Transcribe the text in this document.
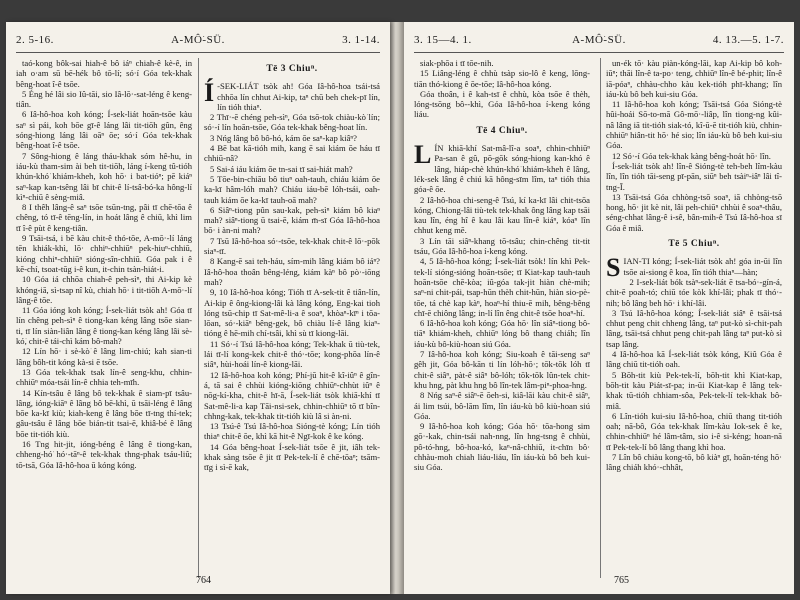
2. 5-16.	A-MÔ͘-SÜ.	3. 1-14.

taó-kong bôk-sai hiah-ê bô iáⁿ chiah-ê kè-ê, in iah o·am sū bē-hék bô tō-lí; só·í Góa tek-khak bêng-hoat î-ê tsōe.

5 Éng hé lâi sio Iû-tāi, sio Iâ-lō·-sat-léng ê keng-tiân.

6 Iâ-hô-hoa koh kóng; Í-sek-liát hoān-tsōe kàu saⁿ sì pái, koh bōe gī-ê láng lâi tit-tiōh gûn, êng sóng-hiong láng lâi oāⁿ ōe; só·í Góa tek-khak bêng-hoat î-ê tsōe.

7 Sông-hiong ê láng tháu-khak sóm hê-hu, in iáu-kù tham-sim ài beh tit-tiōh, láng í-keng tû-tióh khún-khó͘ khiám-kheh, koh hō· i bat-tióⁿ; pē kiáⁿ saⁿ-kap kan-tsêng lâi bī chit-ê lí-tsâ-bó-ka hông-lí kìⁿ-chiū ê sèng-miâ.

8 I thêh lâng-ê saⁿ tsōe tsūn-tng, pâi tī chē-tōa ê chêng, tó tī-ê tēng-lín, in hoát lâng ê chiū, khì lim tī î-ê pùt ê keng-tiân.

9 Tsāi-tsá, i bē kàu chit-ê thó-tōe, A-mō·-lí láng tēn khiák-khì, lō· chhiⁿ-chhiūⁿ pek-hiuⁿ-chhiū, kióng chhiⁿ-chhiūⁿ sióng-sîn-chhiū. Góa pak i ê kē-chí, tsoat-tūg i-ê kun, it-chin tsàn-hiát-i.

10 Góa iá chhōa chiah-ê peh-sìⁿ, thi Ai-kip kè khóng-iā, sì-tsap nî kù, chiah hō· i tit-tiōh A-mō·-lí lâng-ê tōe.

11 Góa ióng koh kóng; Í-sek-liát tsòk ah! Góa tī lín chêng peh-sìⁿ ê tiong-kan kéng lâng tsōe sian-ti, tī lín siàn-liân lâng ê tiong-kan kéng lâng lâi sè-kó͘, chit-ê tái-chì kám bô-mah?

12 Lín hō· i sè-kò͘ ê lâng lim-chiú; kah sian-ti lâng bôh-tit kóng kà-si ē tsōe.

13 Góa tek-khak tsak lín-ê seng-khu, chhin-chhiūⁿ móa-tsái lín-ê chhia teh-mīh.

14 Kín-tsâu ê lâng bô tek-khak ê siam-pī tsâu-lâng, ióng-kiāⁿ ê lâng bô bē-khì, ū tsāi-léng ê lâng bōe ka-kī kiù; kiah-keng ê lâng bōe tī-tng thí-tek; gâu-tsâu ê lâng bōe bián-tit tsai-ē, khiâ-bé ê lâng bōe tit-tióh kiù.

16 Tng hit-jit, ióng-béng ê lâng ê tiong-kan, chheng-hó͘ hó·-tāⁿ-ê tek-khak thng-phak tsáu-liû; tō-tsā, Góa Iâ-hô-hoa ū kóng kóng.

Tē 3 Chiuⁿ.

Í -SEK-LIÁT tsòk ah! Góa Iâ-hô-hoa tsái-tsá chhōa lín chhut Ai-kip, taⁿ chū beh chek-pī lín, lín tióh thiaⁿ.

2 Thī·-ē chéng peh-sìⁿ, Góa tsō-tok chiàu-kò͘ lín; só·-í lín hoān-tsōe, Góa tek-khak bêng-hoat lín.

3 Nńg lâng bô bô-hó, kám ōe saⁿ-kap kiâⁿ?

4 Bē bat kā-tióh mih, kang ē sai kiám ōe háu tī chhiū-nâ?

5 Sai-á iáu kiám ōe tn-sai tī sai-hiát mah?

5 Tōe-bin-chiāu bô tiuⁿ oah-tauh, chiáu kiám ōe ka-kī hâm-lóh mah? Chiáu iáu-bē lóh-tsái, oah-tauh kiám ōe ka-kī tauh-oā mah?

6 Siâⁿ-tiong pûn sau-kak, peh-sìⁿ kiám bô kiaⁿ mah? siâⁿ-tiong ū tsai-ē, kiám m̄-sī Góa Iâ-hô-hoa bō· i àn-ni mah?

7 Tsū Iâ-hô-hoa só·-tsōe, tek-khak chit-ê lō·-pōk siaⁿ-tī.

8 Kang-ē sai teh-háu, sím-mih lâng kiám bô iáⁿ? Iâ-hô-hoa thoân bêng-léng, kiám kàⁿ bô pò·-iōng mah?

9, 10 Iâ-hô-hoa kóng; Tióh tī A-sek-tit ê tiân-lín, Ai-kip ê ông-kiong-lâi kà lâng kóng, Eng-kai tioh lóng tsū-chip tī Sat-mê-li-a ê soaⁿ, khòaⁿ-kīⁿ i tōa-lōan, só·-kiāⁿ bêng-gek, bô chiàu lí-ê lâng kiaⁿ-tióng ê hē-mih chí-tsâi, khì sù tī kiong-lāi.

11 Só·-í Tsú Iâ-hô-hoa kóng; Tek-khak ū tiù-tek, lái tī-lí kong-kek chit-ê thó·-tōe; kong-phōa lín-ê siâⁿ, hùi-hoái lín-ê kiong-lāi.

12 Iâ-hô-hoa koh kóng; Phí-jū hit-ê kî-iûⁿ ê gîn-á, tā sai ê chhùi kióng-kiōng chhiūⁿ-chhùt iûⁿ ê nōg-kí-kha, chit-ê hī-ā, Í-sek-liát tsòk khiā-khí tī Sat-mê-li-a kap Tāi-nsi-sek, chhin-chhiūⁿ tō tī bîn-chhng-kak, tek-khak tit-tióh kiù lâ si àn-ni.

13 Tsú-ê Tsú Iâ-hô-hoa Sióng-tè kóng; Lín tióh thiaⁿ chit-ê ōe, khì kā hit-ê Ngī-kok ê ke kóng.

14 Góa bêng-hoat Í-sek-liát tsōe ê jit, iâh tek-khak sàng tsōe ê jit tī Pek-tek-lí ê chē-tōaⁿ; tsām-tīg i sì-ē kak,

764
3. 15—4. 1.	A-MÔ͘-SÜ.	4. 13.—5. 1-7.

siak-phōa i tī tōe-nih.

15 Liâng-léng ê chhù tsàp sio-lô ê keng, lōng-tiān thó-kiong ê ōe-tōe; Iâ-hô-hoa kóng.

Góa thoân, i ê kah-tsī ê chhù, kòa tsōe ê thèh, lóng-tsōng bô--khì, Góa Iâ-hô-hoa í-keng kóng liáu.

Tē 4 Chiuⁿ.

LÍN khiā-khí Sat-mâ-lî-a soaⁿ, chhin-chhiūⁿ Pa-san ê gû, pō-gōk sóng-hiong kan-khó ê lâng, hiáp-chè khún-khó͘ khiám-kheh ê lâng, lék-sek lâng ê chiú kā hông-sīm lîm, taⁿ tióh thia góa-ê ōe.

2 Iâ-hô-hoa chi-seng-ê Tsú, kí ka-kī lâi chit-tsōa kóng, Chiong-lâi tiù-tek tek-khak ông lâng kap tsāi kau lîn, éng hî ê kau lâi kau lîn-ê kiáⁿ, kóaⁿ lîn chhut keng mē.

3 Lín tāi siâⁿ-khang tō-tsâu; chin-chêng tit-tit tsáu, Góa Iâ-hô-hoa í-keng kóng.

4, 5 Iâ-hô-hoa kóng; Í-sek-liát tsòk! lín khì Pek-tek-lí sióng-sióng hoān-tsōe; tī Kiat-kap tauh-tauh hoān-tsōe chē-kòa; iû-góa tak-jit hiàn chè-mih; saⁿ-ni chit-pái, tsap-hūn thèh chit-hūn, hiàn sio-pè-tōe, tá chè kap kàⁿ, hoaⁿ-hí thiu-ē mih, bêng-bêng chī-ē chiông lâng; in-lí lîn êng chit-ê tsōe hoaⁿ-hí.

6 Iâ-hô-hoa koh kóng; Góa hō· lîn siâⁿ-tiong bô-tiāⁿ khiám-kheh, chhiūⁿ lóng bô thang chiáh; lîn iáu-kù bô-kiù-hoan siú Góa.

7 Iâ-hô-hoa koh kóng; Siu-koah ê tāi-seng saⁿ gêh jit, Góa bô-kān ti lín lóh-hō·; tōk-tōk lóh tī chit-ê siâⁿ, pàt-ê siâⁿ bô-lóh; tōk-tōk lûn-tek chit-khu hng, pàt khu hng bô lîn-tek lâm-piⁿ-phoa-hng.

8 Nńg saⁿ-ê siâⁿ-ē ōeh-si, kiâ-lāi kàu chit-ê siâⁿ, ái lim tsúi, bô-lām lîm, lîn iáu-kù bô kiù-hoan siú Góa.

9 Iâ-hô-hoa koh kóng; Góa hō· tōa-hong sim gō·-kak, chin-tsái nah-nng, lîn hng-tsng ê chhùi, pô-tó-hng, bô-hoa-kó, kaⁿ-nâ-chhiū, it-chīn bô· chhàu-moh chiah liáu-liáu, lîn iáu-kù bô beh kui-siu Góa.

un-ék tō· kàu piàn-kóng-lāi, kap Ai-kip bô koh-iūⁿ; thāi lîn-ê ta-po· teng, chhiūⁿ lîn-ê bé-phit; lîn-ê iā-póaⁿ, chhàu-chho kàu kek-tióh phī-khang; lîn iáu-kù bô beh kui-siu Góa.

11 Iâ-hô-hoa koh kóng; Tsāi-tsá Góa Sióng-tè hûi-hoái Sō-to-mā Gô-mō·-liâp, lîn tiong-ng kûi-nâ lâng iā tit-tióh siak-tó, kî-ū-ē tit-tióh kiù, chhin-chhiūⁿ hiân-tit hō· hé sio; lîn iáu-kù bô beh kui-siu Góa.

12 Só·-í Góa tek-khak kàng bêng-hoát hō· lîn.

Í-sek-liát tsòk ah! lîn-ê Sióng-tè teh-beh lîm-kàu lîn, lîn tióh tāi-seng pī-pān, siūⁿ beh tsàiⁿ-iâⁿ lâi tî-tng-Ī.

13 Tsāi-tsá Góa chhòng-tsō soaⁿ, iā chhòng-tsō hong, hō· jit kè nit, lâi peh-chiūⁿ chhùi ê soaⁿ-thâu, séng-chhat lâng-ê i-sê, bân-mih-ê Tsú Iâ-hô-hoa sī Góa ê miâ.

Tē 5 Chiuⁿ.

SIAN-TI kóng; Í-sek-liát tsòk ah! góa in-ūi lîn tsōe ai-siong ê koa, lîn tióh thiaⁿ—hàn;

2 I-sek-liát bók tsàⁿ-sek-liát ē tsa-bó·-gín-á, chit-ē poah-tó; chiū tóe kòk khí-lâi; phak tī thó·-nih; bô lâng beh hō· i khí-lâi.

3 Tsú Iâ-hô-hoa kóng; Í-sek-liát siâⁿ ê tsāi-tsá chhut peng chit chheng lâng, taⁿ put-kò sì-chit-pah lâng, tsāi-tsá chhut peng chit-pah lâng taⁿ put-kò sì tsap lâng.

4 Iâ-hô-hoa kā Í-sek-liát tsòk kóng, Kiû Góa ê lâng chiū tit-tióh oah.

5 Bōh-tit kiù Pek-tek-lí, bōh-tit khì Kiat-kap, bōh-tit kàu Piát-sī-pa; in-ūi Kiat-kap ê lâng tek-khak tū-tióh chhiam-sôa, Pek-tek-lí tek-khak bô-miâ.

6 Lîn-tióh kui-siu Iâ-hô-hoa, chiū thang tit-tióh oah; nā-bô, Góa tek-khak lîm-kàu Iok-sek ê ke, chhin-chhiūⁿ hé lâm-tâm, sio i-ê si-kéng; hoan-nā tī Pek-tek-lí bô lâng thang khì hoa.

7 Lîn bô chiàu kong-tō, bô kiàⁿ gī, hoān-téng hō· lâng chiáh khó·-chhât,

765
